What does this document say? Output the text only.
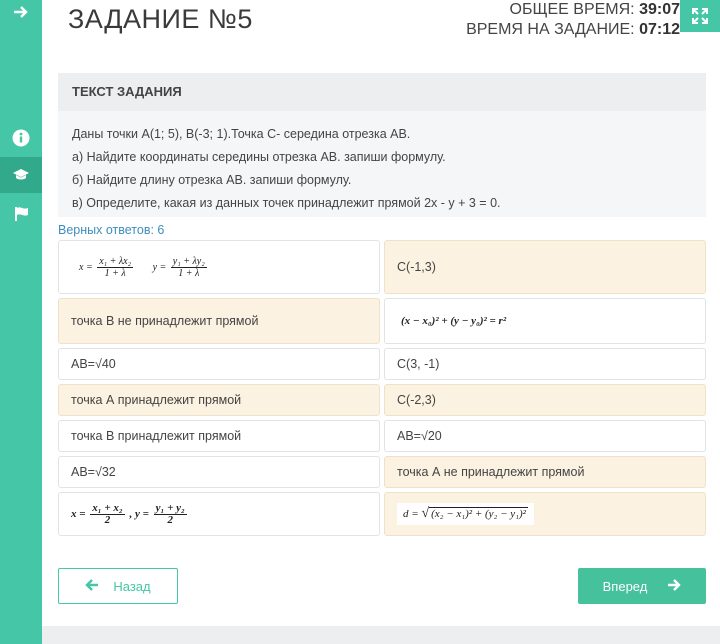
ЗАДАНИЕ №5	ОБЩЕЕ ВРЕМЯ: 39:07
ВРЕМЯ НА ЗАДАНИЕ: 07:12
ТЕКСТ ЗАДАНИЯ
Даны точки А(1; 5), В(-3; 1).Точка С- середина отрезка АВ.
а) Найдите координаты середины отрезка АВ. запиши формулу.
б) Найдите длину отрезка АВ. запиши формулу.
в) Определите, какая из данных точек принадлежит прямой 2х - у + 3 = 0.
Верных ответов: 6
$x = \frac{\text{x₁ + λx₂}}{1 + \lambda}$ $y = \frac{\text{y₁ + λy₂}}{1 + \lambda}$	С(-1,3)
точка В не принадлежит прямой	(x − x₀)² + (y − y₀)² = r²
АВ=√40	С(3, -1)
точка А принадлежит прямой	С(-2,3)
точка В принадлежит прямой	АВ=√20
АВ=√32	точка А не принадлежит прямой
$x = \frac{\text{x₁ + x₂}}{2}$ , $y = \frac{\text{y₁ + y₂}}{2}$	d = √ (x₂ − x₁)² + (y₂ − y₁)²
Назад	Вперед
